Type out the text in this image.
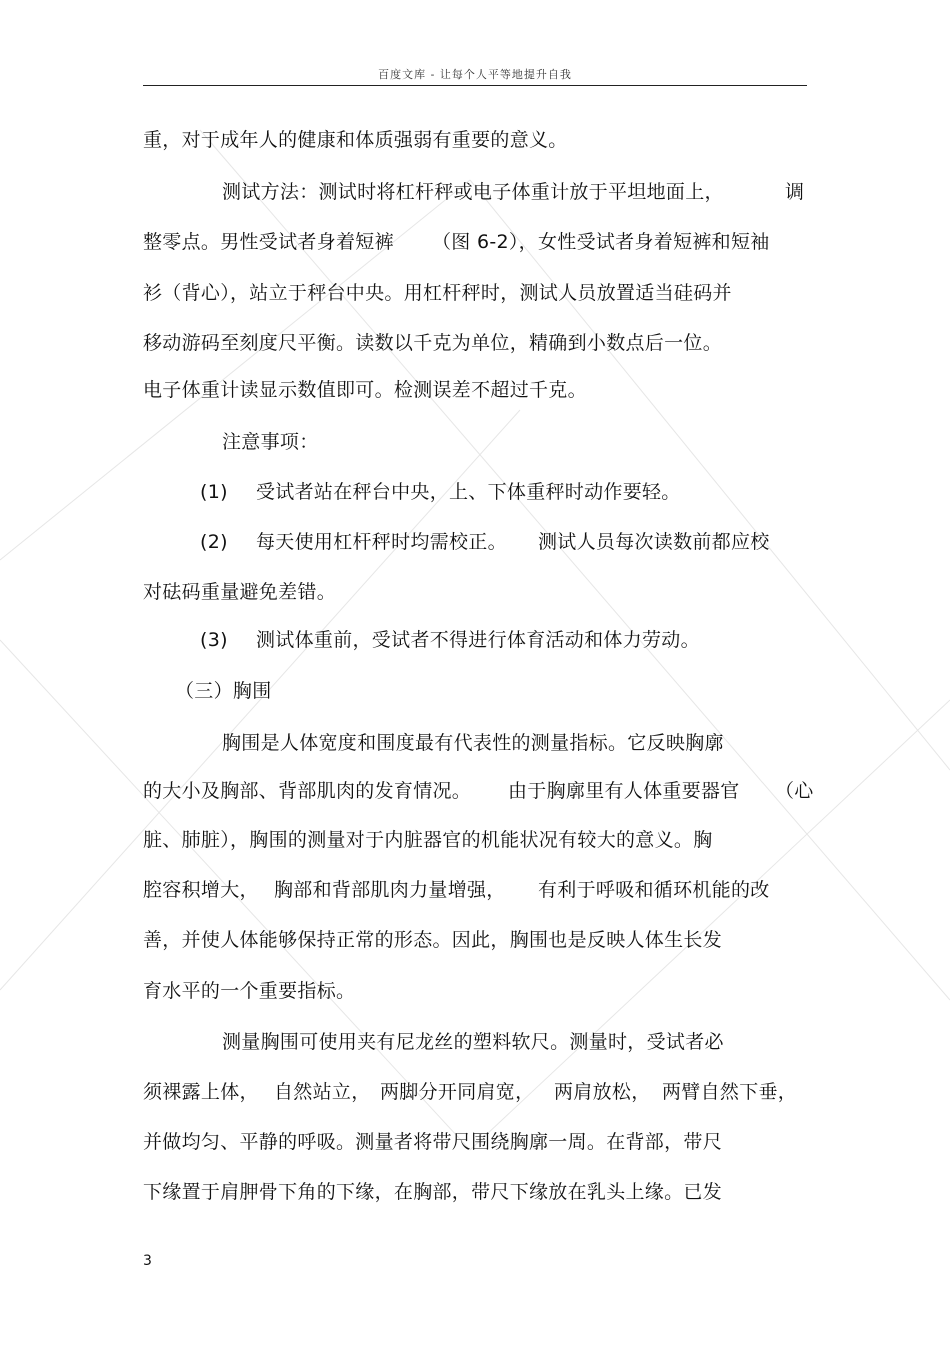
百度文库 - 让每个人平等地提升自我
重，对于成年人的健康和体质强弱有重要的意义。
测试方法：测试时将杠杆秤或电子体重计放于平坦地面上，	调
整零点。男性受试者身着短裤	（图 6-2），女性受试者身着短裤和短袖
衫（背心），站立于秤台中央。用杠杆秤时，测试人员放置适当硅码并
移动游码至刻度尺平衡。读数以千克为单位，精确到小数点后一位。
电子体重计读显示数值即可。检测误差不超过千克。
注意事项：
(1)	受试者站在秤台中央，上、下体重秤时动作要轻。
(2)	每天使用杠杆秤时均需校正。	测试人员每次读数前都应校
对砝码重量避免差错。
(3)	测试体重前，受试者不得进行体育活动和体力劳动。
（三）胸围
胸围是人体宽度和围度最有代表性的测量指标。它反映胸廓
的大小及胸部、背部肌肉的发育情况。	由于胸廓里有人体重要器官	（心
脏、肺脏），胸围的测量对于内脏器官的机能状况有较大的意义。胸
腔容积增大， 胸部和背部肌肉力量增强，	有利于呼吸和循环机能的改
善，并使人体能够保持正常的形态。因此，胸围也是反映人体生长发
育水平的一个重要指标。
测量胸围可使用夹有尼龙丝的塑料软尺。测量时，受试者必
须裸露上体， 自然站立， 两脚分开同肩宽， 两肩放松， 两臂自然下垂，
并做均匀、平静的呼吸。测量者将带尺围绕胸廓一周。在背部，带尺
下缘置于肩胛骨下角的下缘，在胸部，带尺下缘放在乳头上缘。已发
3
